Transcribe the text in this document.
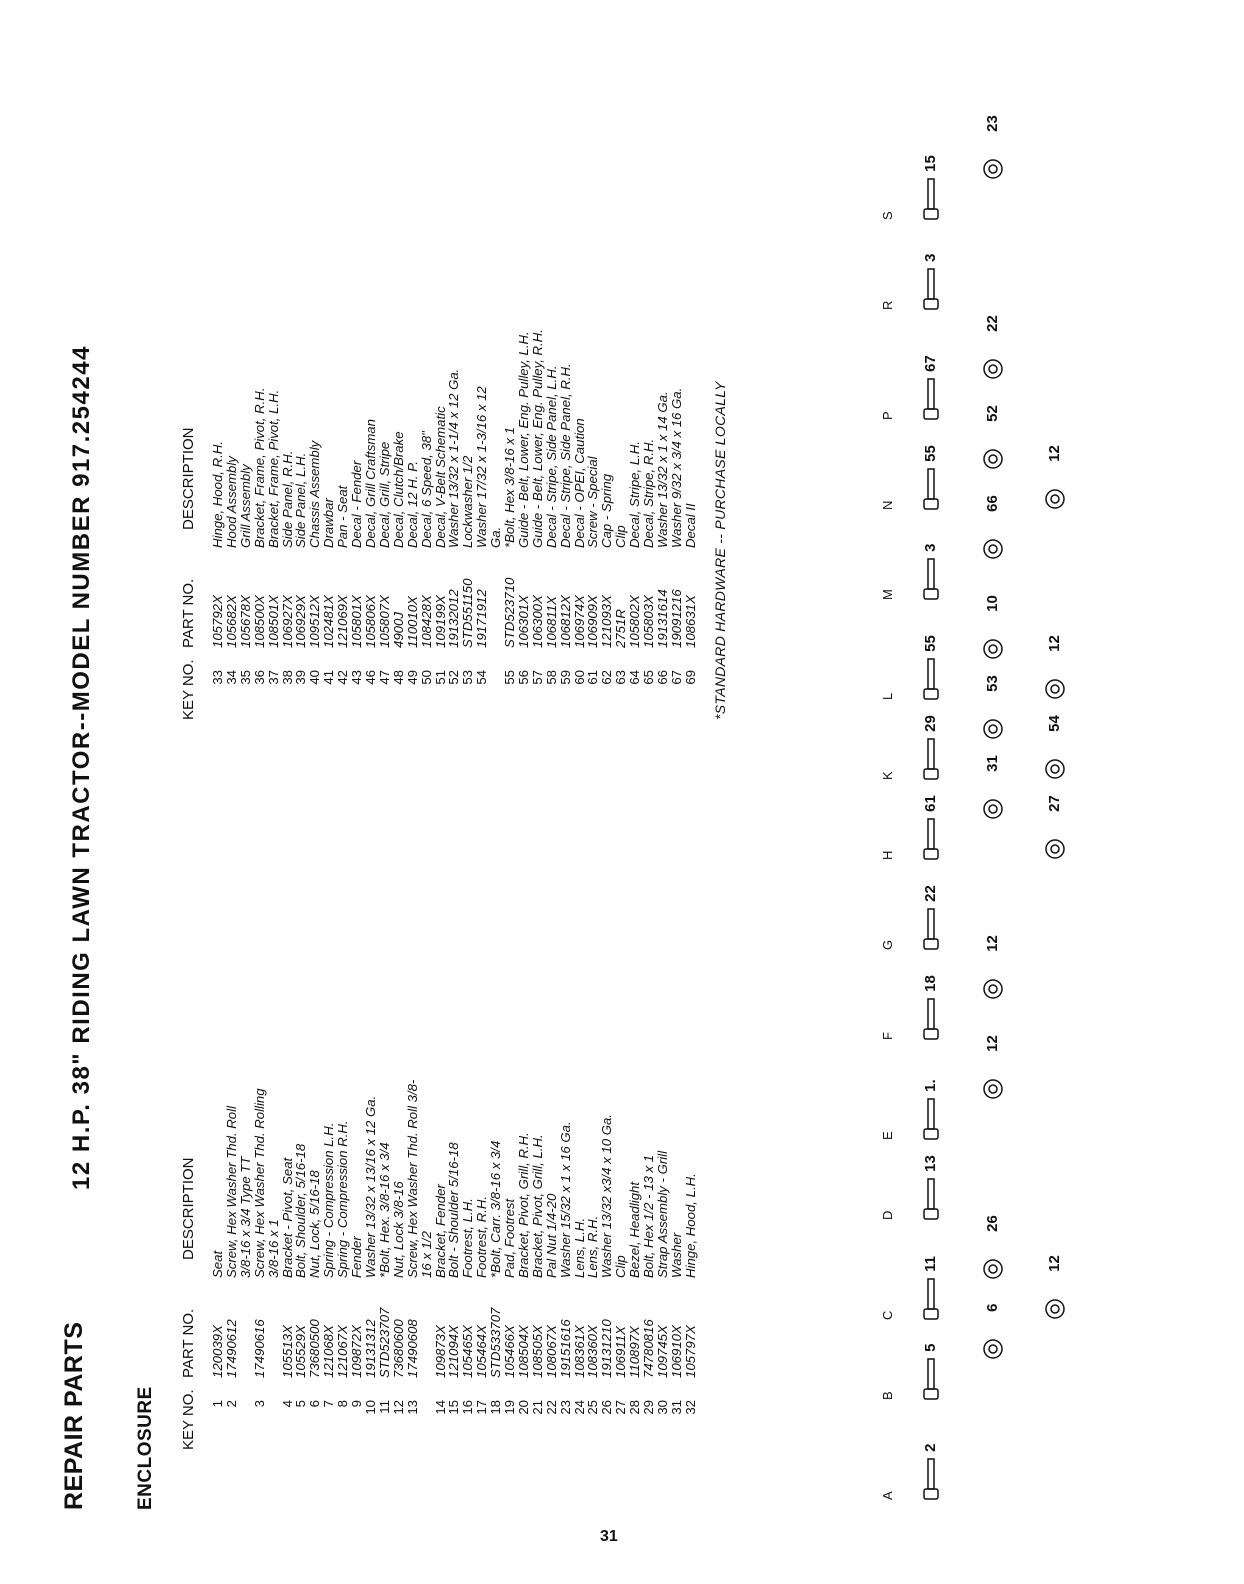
REPAIR PARTS ENCLOSURE
12 H.P. 38" RIDING LAWN TRACTOR--MODEL NUMBER 917.254244
KEY NO.
PART NO.
DESCRIPTION
1	120039X	Seat
2	17490612	Screw, Hex Washer Thd. Roll
		3/8-16 x 3/4 Type TT
3	17490616	Screw, Hex Washer Thd. Rolling
		3/8-16 x 1
4	105513X	Bracket - Pivot, Seat
5	105529X	Bolt, Shoulder, 5/16-18
6	73680500	Nut, Lock, 5/16-18
7	121068X	Spring - Compression L.H.
8	121067X	Spring - Compression R.H.
9	109872X	Fender
10	19131312	Washer 13/32 x 13/16 x 12 Ga.
11	STD523707	*Bolt, Hex. 3/8-16 x 3/4
12	73680600	Nut, Lock 3/8-16
13	17490608	Screw, Hex Washer Thd. Roll 3/8-
		16 x 1/2
14	109873X	Bracket, Fender
15	121094X	Bolt - Shoulder 5/16-18
16	105465X	Footrest, L.H.
17	105464X	Footrest, R.H.
18	STD533707	*Bolt, Carr. 3/8-16 x 3/4
19	105466X	Pad, Footrest
20	108504X	Bracket, Pivot, Grill, R.H.
21	108505X	Bracket, Pivot, Grill, L.H.
22	108067X	Pal Nut 1/4-20
23	19151616	Washer 15/32 x 1 x 16 Ga.
24	108361X	Lens, L.H.
25	108360X	Lens, R.H.
26	19131210	Washer 13/32 x3/4 x 10 Ga.
27	106911X	Clip
28	110897X	Bezel, Headlight
29	74780816	Bolt, Hex 1/2 - 13 x 1
30	109745X	Strap Assembly - Grill
31	106910X	Washer
32	105797X	Hinge, Hood, L.H.
KEY NO.
PART NO.
DESCRIPTION
33	105792X	Hinge, Hood, R.H.
34	105682X	Hood Assembly
35	105678X	Grill Assembly
36	108500X	Bracket, Frame, Pivot, R.H.
37	108501X	Bracket, Frame, Pivot, L.H.
38	106927X	Side Panel, R.H.
39	106929X	Side Panel, L.H.
40	109512X	Chassis Assembly
41	102481X	Drawbar
42	121069X	Pan - Seat
43	105801X	Decal - Fender
46	105806X	Decal, Grill Craftsman
47	105807X	Decal, Grill, Stripe
48	4900J	Decal, Clutch/Brake
49	110010X	Decal, 12 H. P.
50	108428X	Decal, 6 Speed, 38"
51	109199X	Decal, V-Belt Schematic
52	19132012	Washer 13/32 x 1-1/4 x 12 Ga.
53	STD551150	Lockwasher 1/2
54	19171912	Washer 17/32 x 1-3/16 x 12
		Ga.
55	STD523710	*Bolt, Hex 3/8-16 x 1
56	106301X	Guide - Belt, Lower, Eng. Pulley, L.H.
57	106300X	Guide - Belt, Lower, Eng. Pulley, R.H.
58	106811X	Decal - Stripe, Side Panel, L.H.
59	106812X	Decal - Stripe, Side Panel, R.H.
60	106974X	Decal - OPEI, Caution
61	106909X	Screw - Special
62	121093X	Cap - Spring
63	2751R	Clip
64	105802X	Decal, Stripe, L.H.
65	105803X	Decal, Stripe, R.H.
66	19131614	Washer 13/32 x 1 x 14 Ga.
67	19091216	Washer 9/32 x 3/4 x 16 Ga.
69	108631X	Decal II *STANDARD HARDWARE -- PURCHASE LOCALLY
A
2
B
5
6
C
11
26
12
D
13
E
1.
12
F
18
12
G
22
H
61
31
27
K
29
53
54
L
55
10
12
M
3
66
N
55
52
12
P
67
22
R
3
S
15
23
31
